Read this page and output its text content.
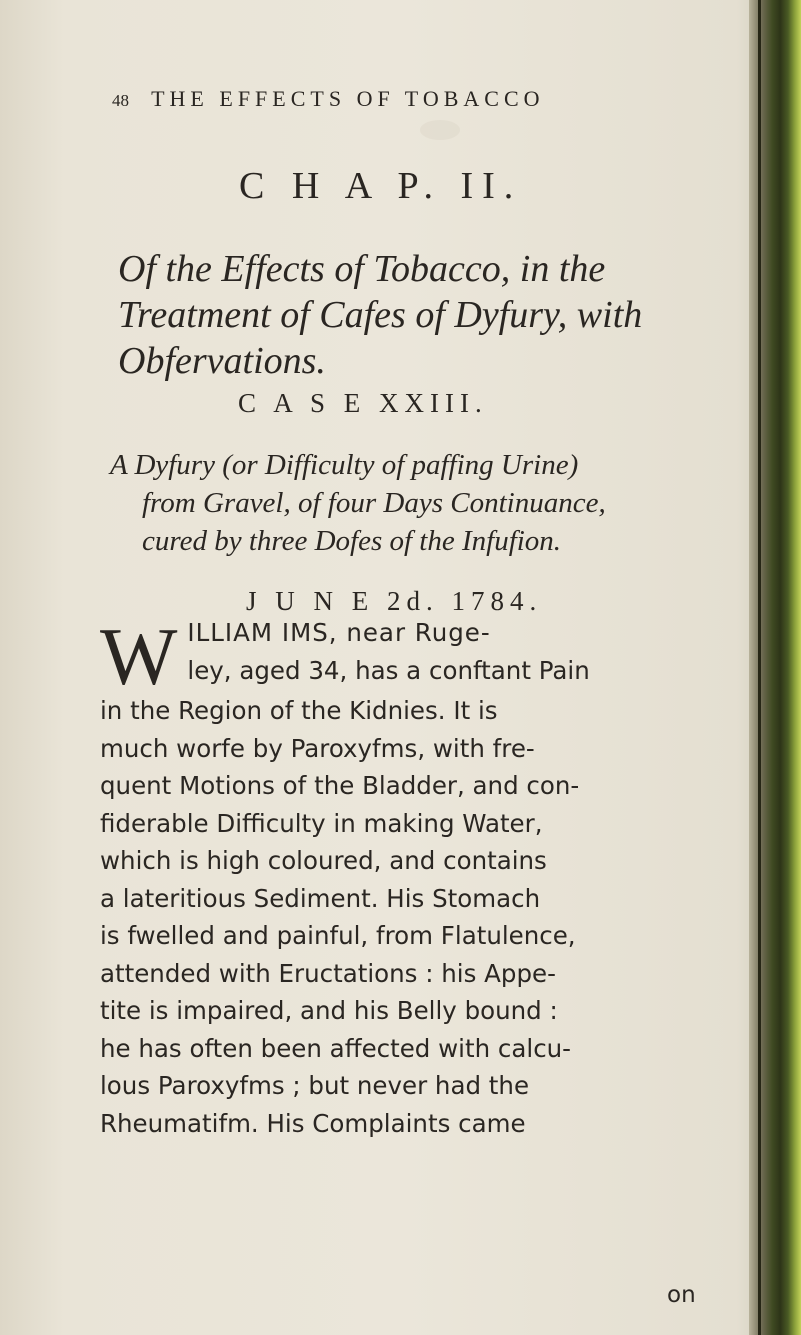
48 THE EFFECTS OF TOBACCO
C H A P. II.
Of the Effects of Tobacco, in the
Treatment of Cafes of Dyfury, with
Obfervations.
C A S E XXIII.
A Dyfury (or Difficulty of paffing Urine)
from Gravel, of four Days Continuance,
cured by three Dofes of the Infufion.
J U N E 2d. 1784.
W ILLIAM IMS, near Ruge-
ley, aged 34, has a conftant Pain
in the Region of the Kidnies. It is
much worfe by Paroxyfms, with fre-
quent Motions of the Bladder, and con-
fiderable Difficulty in making Water,
which is high coloured, and contains
a lateritious Sediment. His Stomach
is fwelled and painful, from Flatulence,
attended with Eructations : his Appe-
tite is impaired, and his Belly bound :
he has often been affected with calcu-
lous Paroxyfms ; but never had the
Rheumatifm. His Complaints came
on
